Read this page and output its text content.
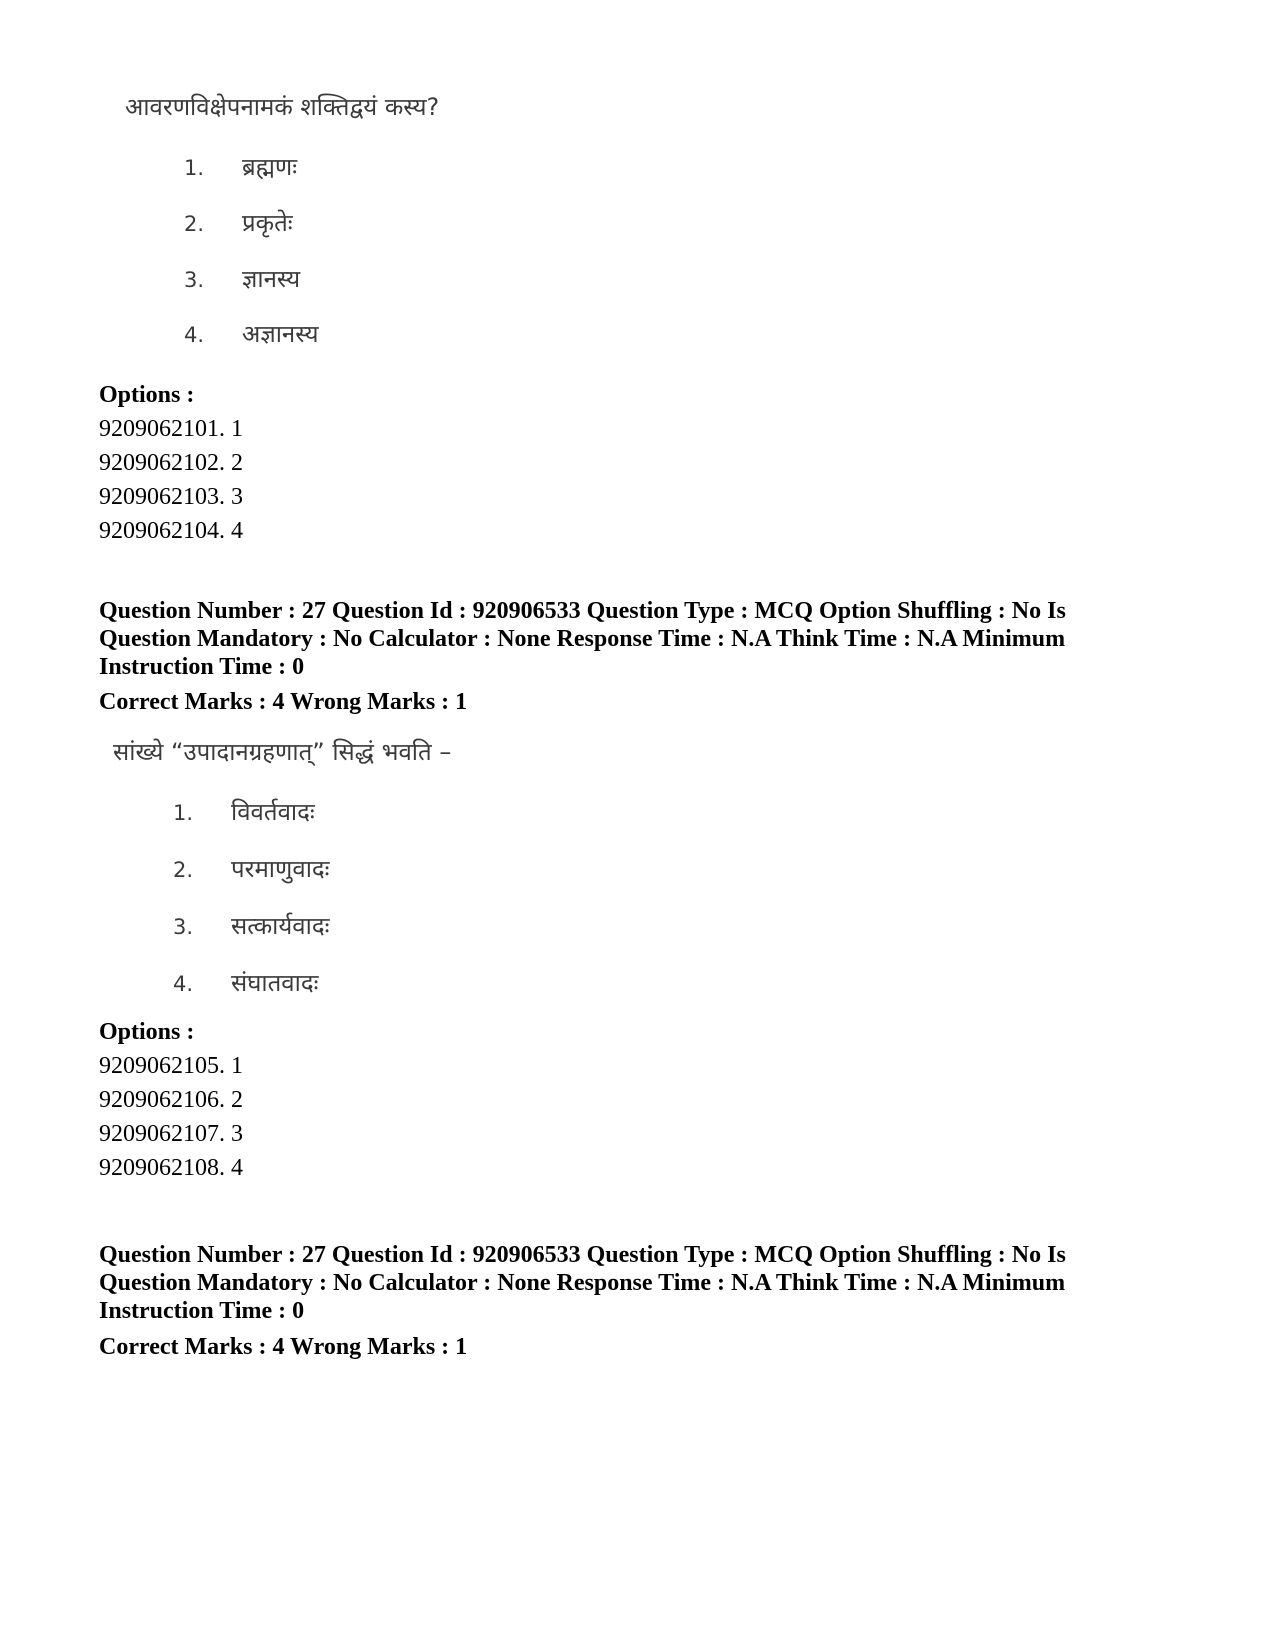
आवरणविक्षेपनामकं शक्तिद्वयं कस्य?
1.	ब्रह्मणः
2.	प्रकृतेः
3.	ज्ञानस्य
4.	अज्ञानस्य
Options :
9209062101. 1
9209062102. 2
9209062103. 3
9209062104. 4
Question Number : 27 Question Id : 920906533 Question Type : MCQ Option Shuffling : No Is Question Mandatory : No Calculator : None Response Time : N.A Think Time : N.A Minimum Instruction Time : 0
Correct Marks : 4 Wrong Marks : 1
सांख्ये “उपादानग्रहणात्” सिद्धं भवति –
1.	विवर्तवादः
2.	परमाणुवादः
3.	सत्कार्यवादः
4.	संघातवादः
Options :
9209062105. 1
9209062106. 2
9209062107. 3
9209062108. 4
Question Number : 27 Question Id : 920906533 Question Type : MCQ Option Shuffling : No Is Question Mandatory : No Calculator : None Response Time : N.A Think Time : N.A Minimum Instruction Time : 0
Correct Marks : 4 Wrong Marks : 1
